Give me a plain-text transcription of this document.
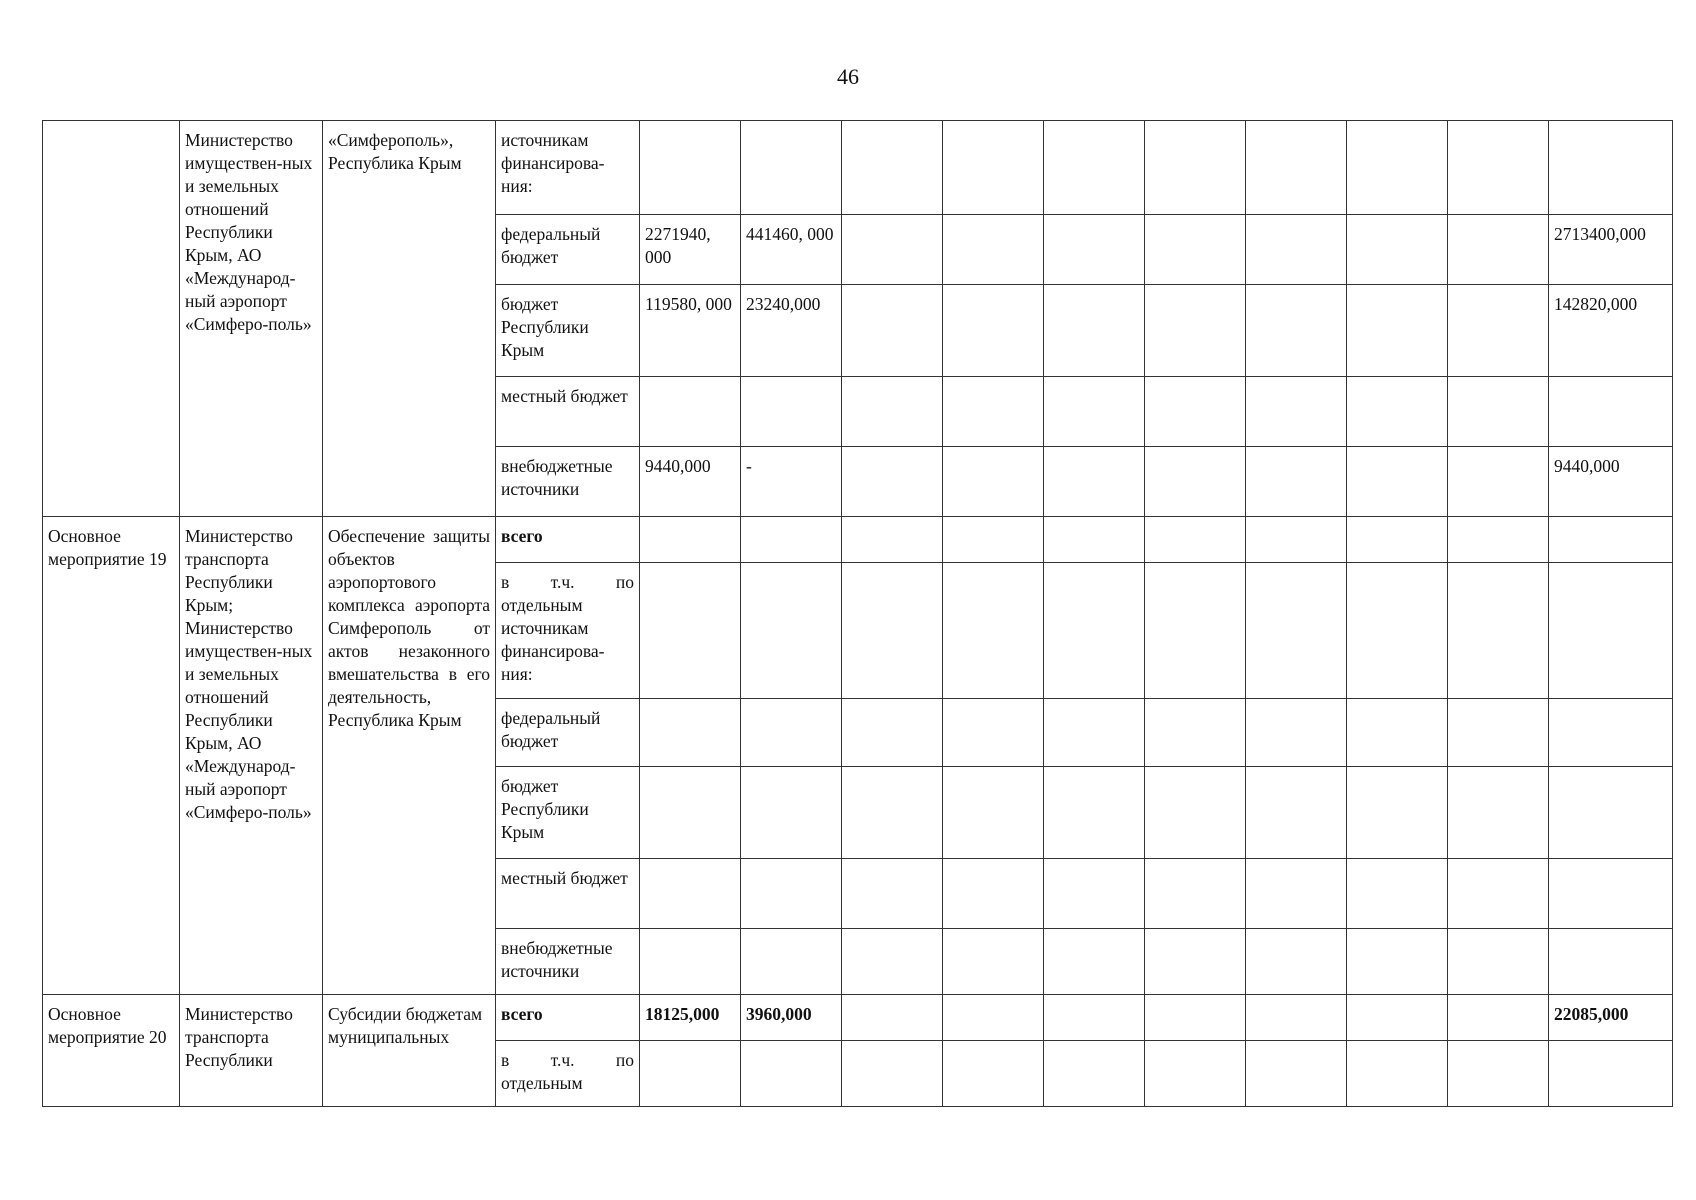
46
	Министерство имуществен-ных и земельных отношений Республики Крым, АО «Международ-ный аэропорт «Симферо-поль»	«Симферополь», Республика Крым	источникам финансирова-ния:										
			федеральный бюджет	2271940, 000	441460, 000								2713400,000
			бюджет Республики Крым	119580, 000	23240,000								142820,000
			местный бюджет										
			внебюджетные источники	9440,000	-								9440,000
Основное мероприятие 19	Министерство транспорта Республики Крым; Министерство имуществен-ных и земельных отношений Республики Крым, АО «Международ-ный аэропорт «Симферо-поль»	Обеспечение защиты объектов аэропортового комплекса аэропорта Симферополь от актов незаконного вмешательства в его деятельность, Республика Крым	всего										
			в т.ч. по отдельным источникам финансирова-ния:										
			федеральный бюджет										
			бюджет Республики Крым										
			местный бюджет										
			внебюджетные источники										
Основное мероприятие 20	Министерство транспорта Республики	Субсидии бюджетам муниципальных	всего	18125,000	3960,000								22085,000
			в т.ч. по отдельным										
